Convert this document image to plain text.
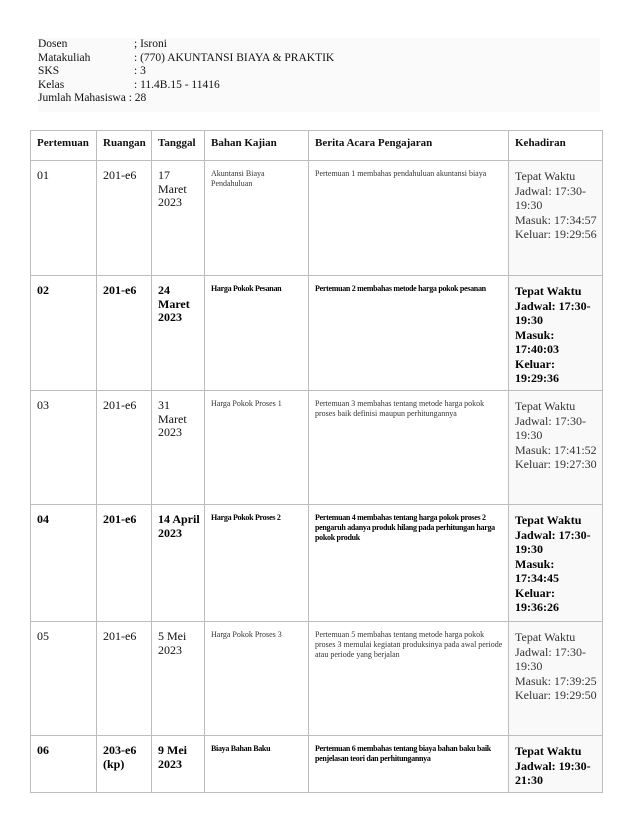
Dosen	; Isroni
Matakuliah	: (770) AKUNTANSI BIAYA & PRAKTIK
SKS	: 3
Kelas	: 11.4B.15 - 11416
Jumlah Mahasiswa
: 28
Pertemuan	Ruangan	Tanggal	Bahan Kajian	Berita Acara Pengajaran	Kehadiran
01	201-e6	17 Maret 2023	Akuntansi Biaya Pendahuluan	Pertemuan 1 membahas pendahuluan akuntansi biaya	Tepat Waktu
Jadwal: 17:30-19:30
Masuk: 17:34:57
Keluar: 19:29:56

02	201-e6	24 Maret 2023	Harga Pokok Pesanan	Pertemuan 2 membahas metode harga pokok pesanan	Tepat Waktu
Jadwal: 17:30-19:30
Masuk: 17:40:03
Keluar: 19:29:36

03	201-e6	31 Maret 2023	Harga Pokok Proses 1	Pertemuan 3 membahas tentang metode harga pokok proses baik definisi maupun perhitungannya	Tepat Waktu
Jadwal: 17:30-19:30
Masuk: 17:41:52
Keluar: 19:27:30

04	201-e6	14 April 2023	Harga Pokok Proses 2	Pertemuan 4 membahas tentang harga pokok proses 2 pengaruh adanya produk hilang pada perhitungan harga pokok produk	Tepat Waktu
Jadwal: 17:30-19:30
Masuk: 17:34:45
Keluar: 19:36:26

05	201-e6	5 Mei 2023	Harga Pokok Proses 3	Pertemuan 5 membahas tentang metode harga pokok proses 3 memulai kegiatan produksinya pada awal periode atau periode yang berjalan	Tepat Waktu
Jadwal: 17:30-19:30
Masuk: 17:39:25
Keluar: 19:29:50

06	203-e6 (kp)	9 Mei 2023	Biaya Bahan Baku	Pertemuan 6 membahas tentang biaya bahan baku baik penjelasan teori dan perhitungannya	Tepat Waktu
Jadwal: 19:30-21:30
